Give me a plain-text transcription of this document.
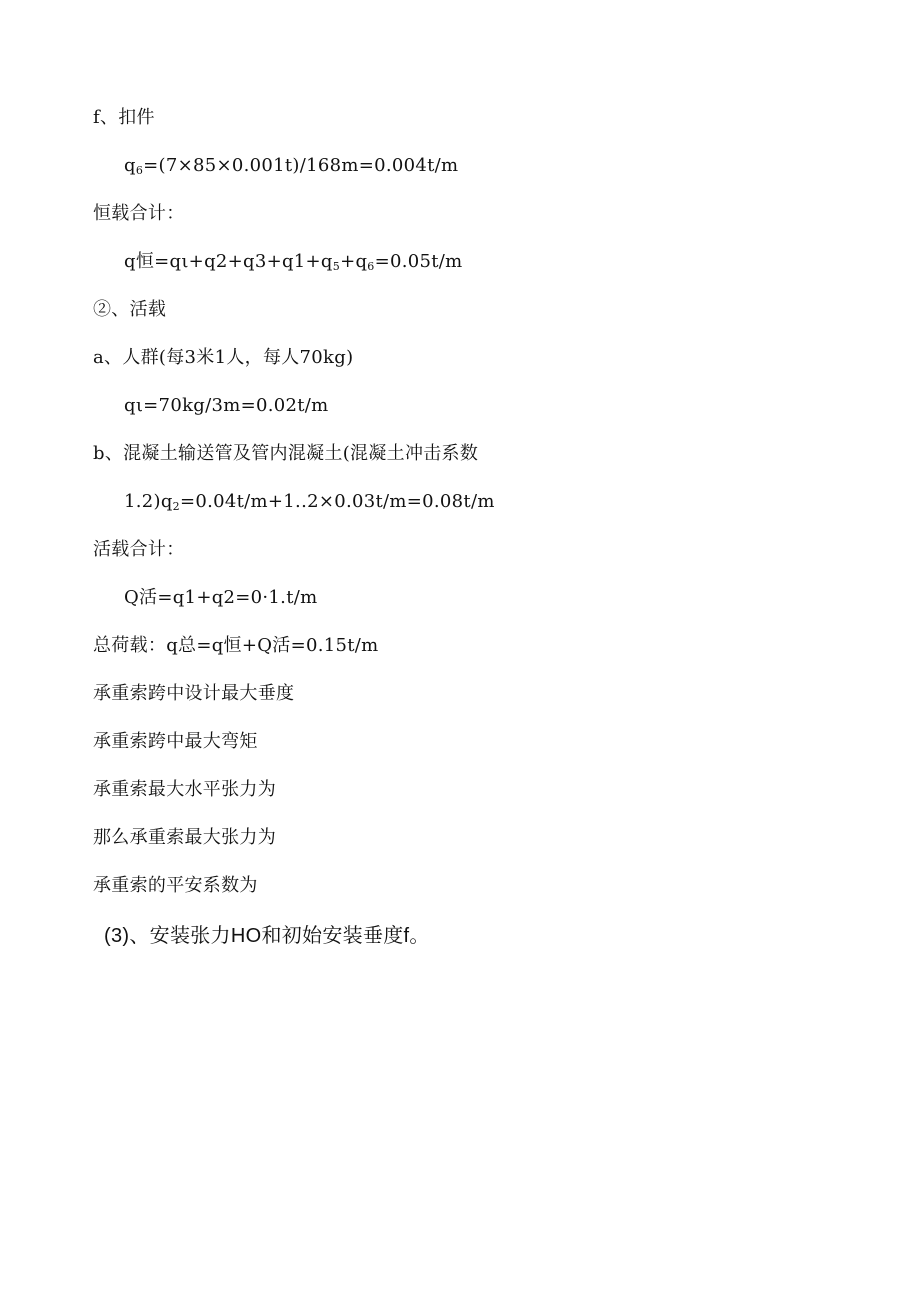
f、扣件
$q_6=(7\times 85\times 0.001t)/168m=0.004t/m$
恒载合计：
q恒$=q\iota+q2+q3+q1+q_5+q_6=0.05t/m$
②、活载
a、人群(每3米1人，每人70kg)
qι=70kg/3m=0.02t/m
b、混凝土输送管及管内混凝土(混凝土冲击系数
$1.2)q_2=0.04t/m+1..2\times 0.03t/m=0.08t/m$
活载合计：
Q活=q1+q2=0·1.t/m
总荷载：q总=q恒+Q活=0.15t/m
承重索跨中设计最大垂度
承重索跨中最大弯矩
承重索最大水平张力为
那么承重索最大张力为
承重索的平安系数为
(3)、安装张力HO和初始安装垂度f。
